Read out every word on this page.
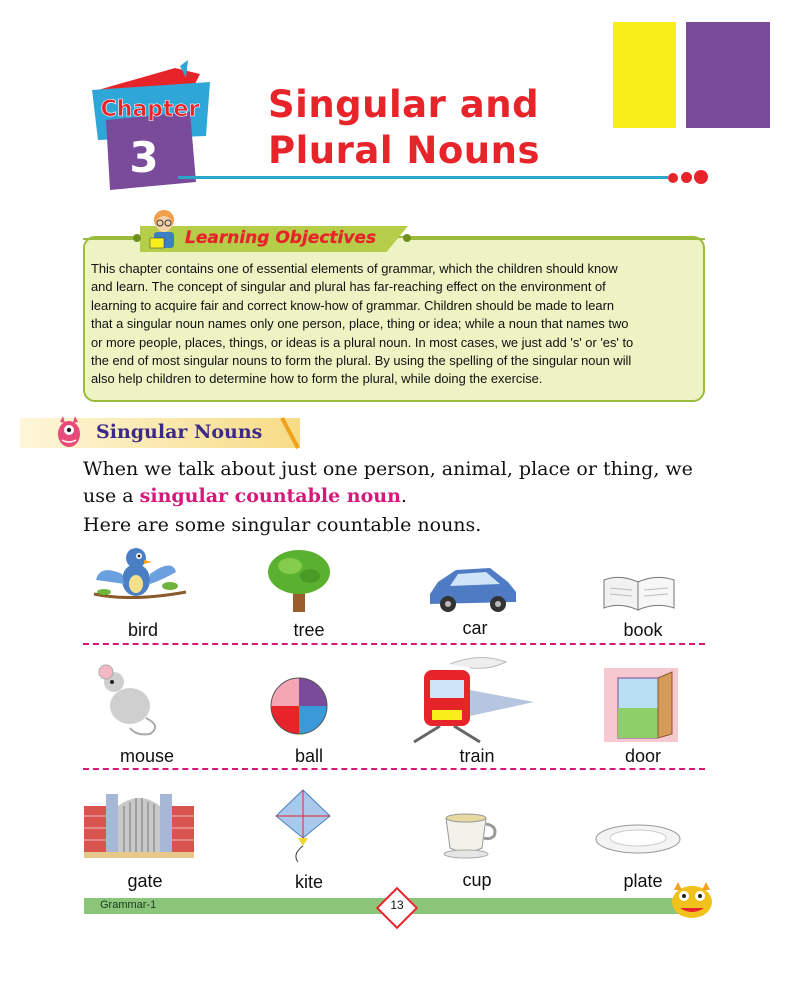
Chapter
3
Singular and
Plural Nouns
Learning Objectives
This chapter contains one of essential elements of grammar, which the children should know
and learn. The concept of singular and plural has far-reaching effect on the environment of
learning to acquire fair and correct know-how of grammar. Children should be made to learn
that a singular noun names only one person, place, thing or idea; while a noun that names two
or more people, places, things, or ideas is a plural noun. In most cases, we just add 's' or 'es' to
the end of most singular nouns to form the plural. By using the spelling of the singular noun will
also help children to determine how to form the plural, while doing the exercise.
Singular Nouns
When we talk about just one person, animal, place or thing, we use a singular countable noun.
Here are some singular countable nouns.
bird	tree	car	book
mouse	ball	train	door
gate	kite	cup	plate
Grammar-1	13
